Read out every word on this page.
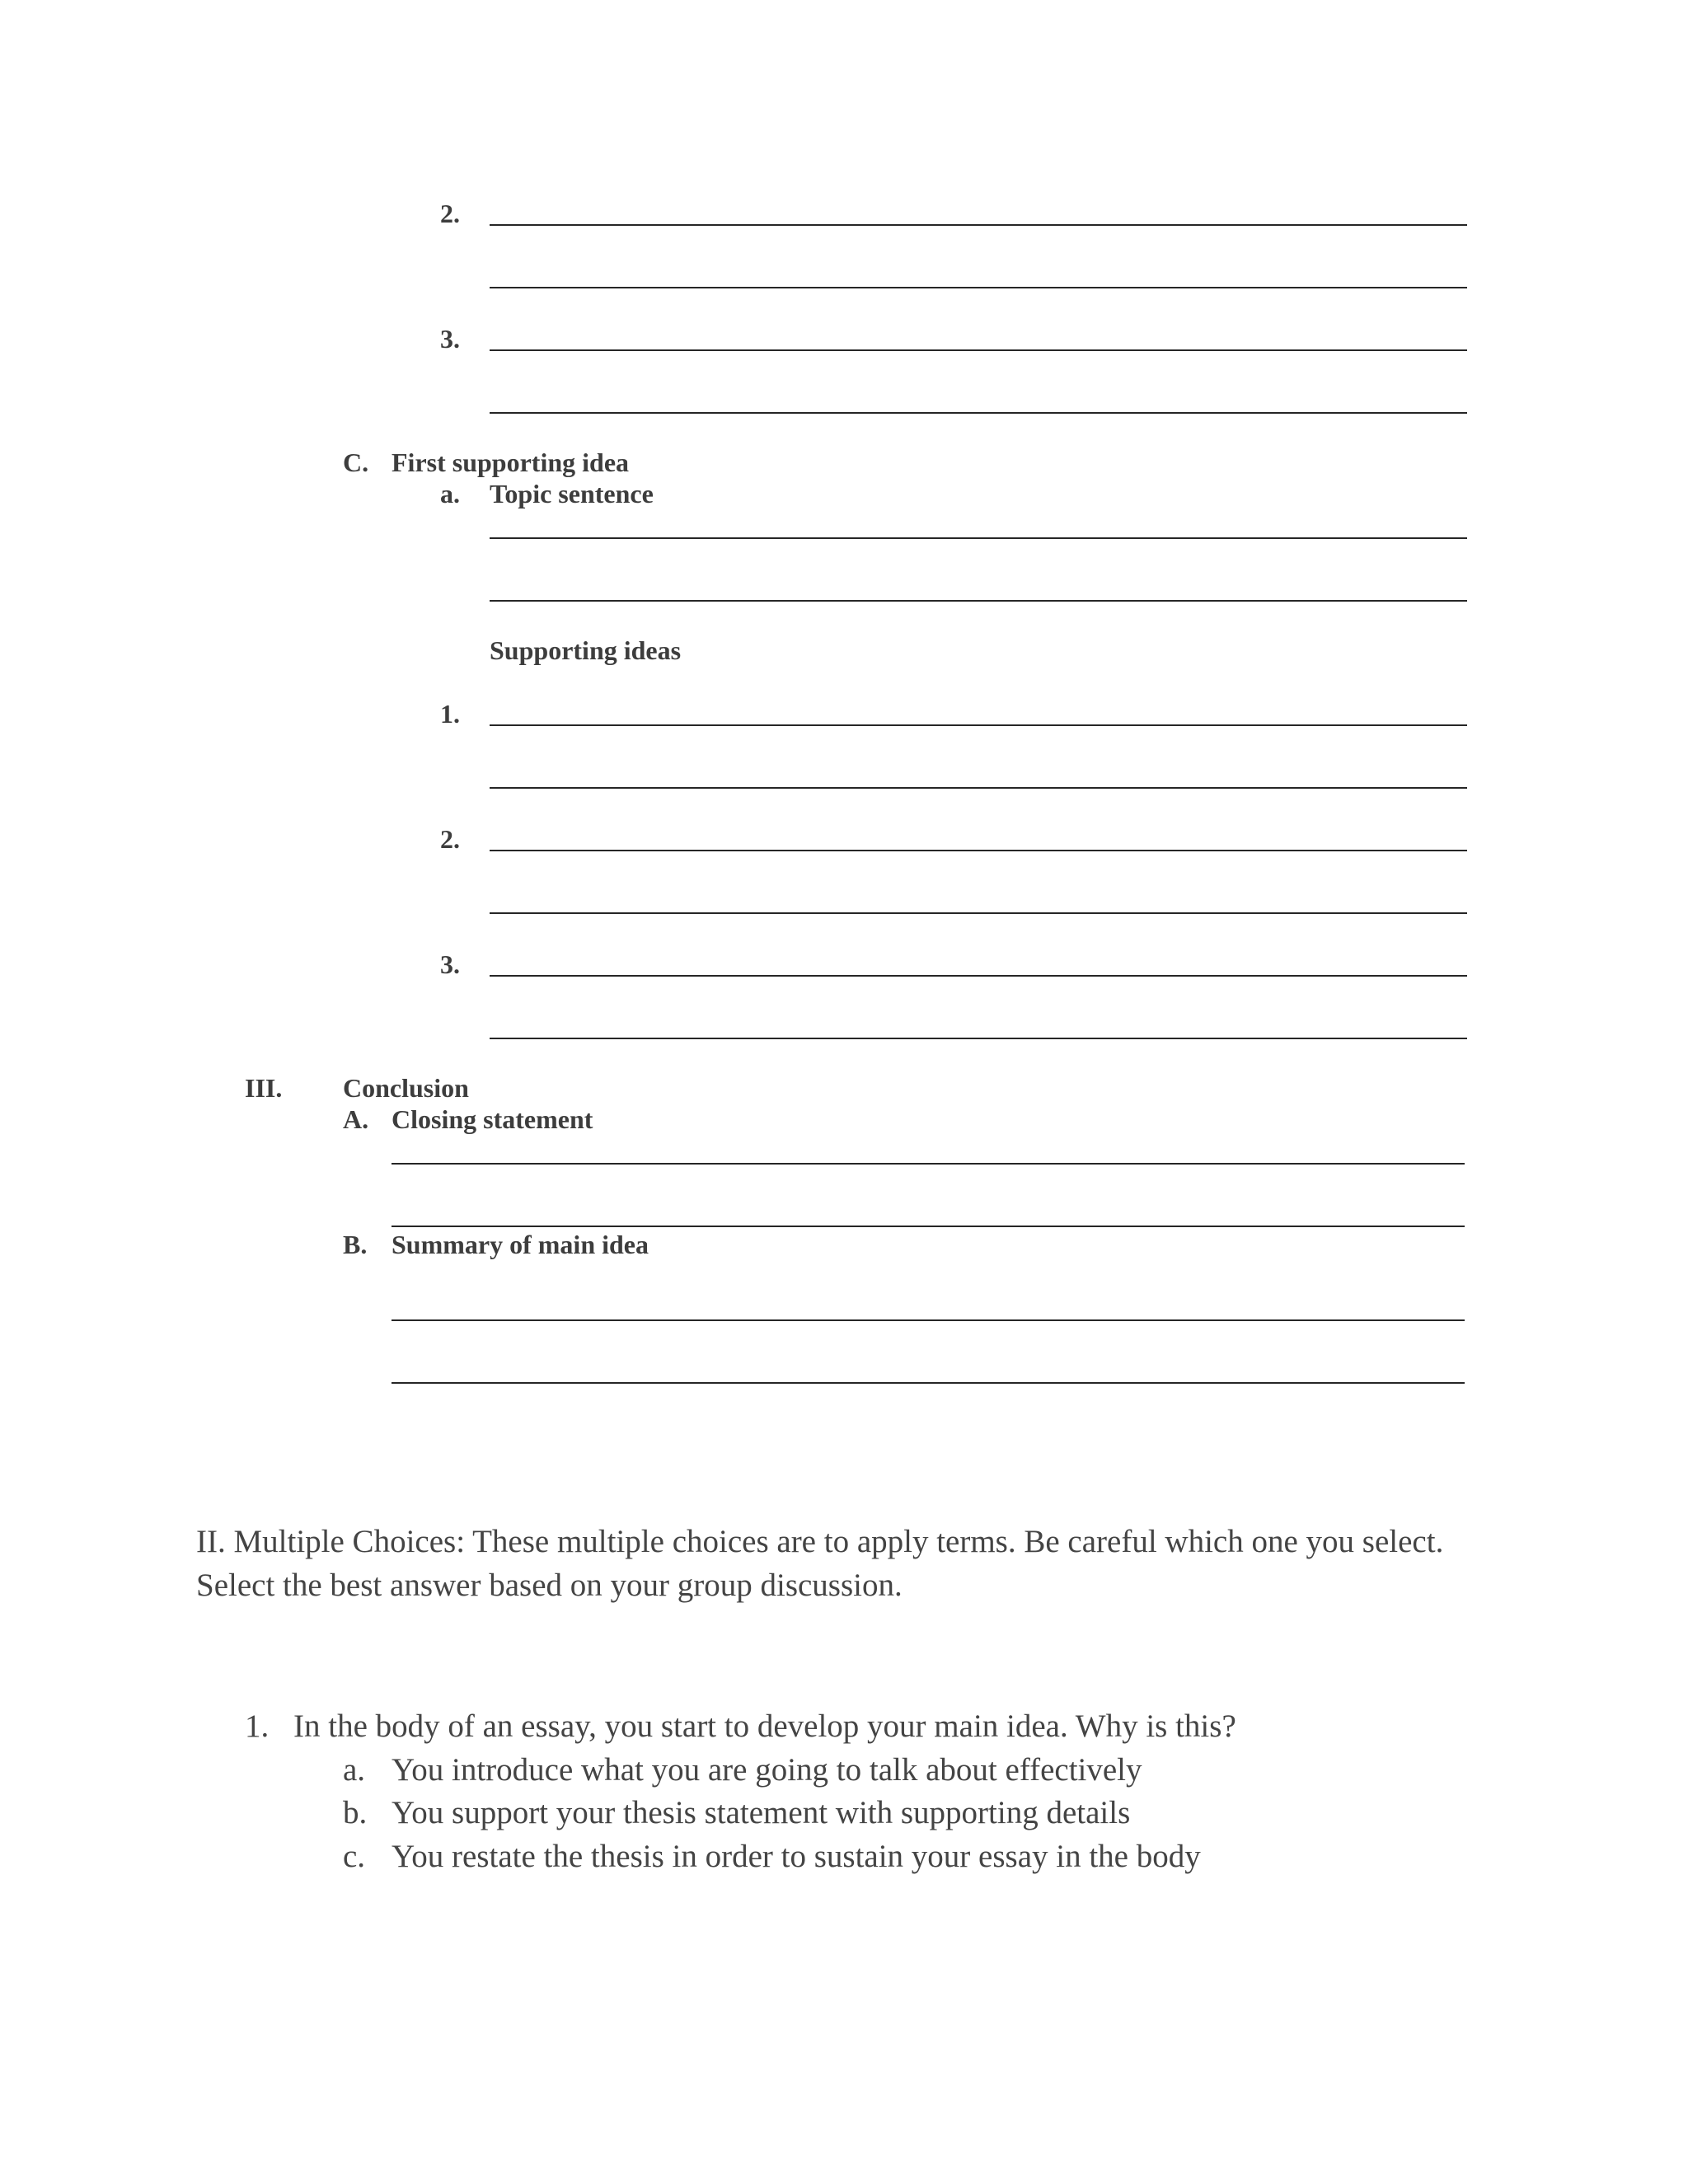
2.
3.
C. First supporting idea
a. Topic sentence
Supporting ideas
1.
2.
3.
III. Conclusion
A. Closing statement
B. Summary of main idea
II. Multiple Choices: These multiple choices are to apply terms. Be careful which one you select.
Select the best answer based on your group discussion.
1. In the body of an essay, you start to develop your main idea. Why is this?
a. You introduce what you are going to talk about effectively
b. You support your thesis statement with supporting details
c. You restate the thesis in order to sustain your essay in the body
